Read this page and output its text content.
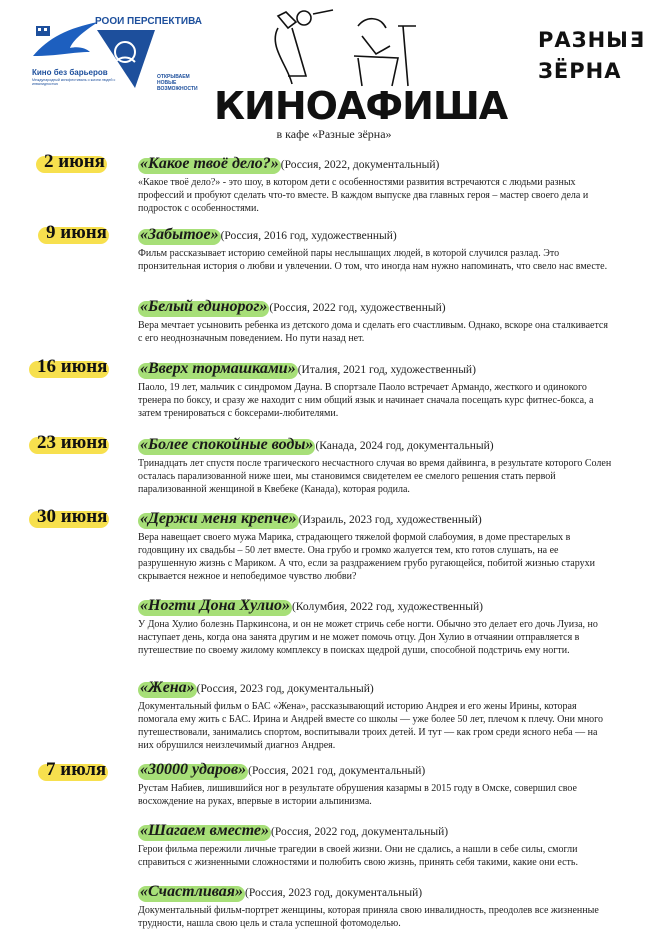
Кино без барьеров
Международный кинофестиваль о жизни людей с инвалидностью
РООИ ПЕРСПЕКТИВА
ОТКРЫВАЕМ
НОВЫЕ ВОЗМОЖНОСТИ
РАЗНЫЕ
ЗЁРНА
КИНОАФИША
в кафе «Разные зёрна»
2 июня
9 июня
16 июня
23 июня
30 июня
7 июля
«Какое твоё дело?» (Россия, 2022, документальный)
«Какое твоё дело?» - это шоу, в котором дети с особенностями развития встречаются с людьми разных профессий и пробуют сделать что-то вместе. В каждом выпуске два главных героя – мастер своего дела и подросток с особенностями.
«Забытое» (Россия, 2016 год, художественный)
Фильм рассказывает историю семейной пары неслышащих людей, в которой случился разлад. Это пронзительная история о любви и увлечении. О том, что иногда нам нужно напоминать, что свело нас вместе.
«Белый единорог» (Россия, 2022 год, художественный)
Вера мечтает усыновить ребенка из детского дома и сделать его счастливым. Однако, вскоре она сталкивается с его неоднозначным поведением. Но пути назад нет.
«Вверх тормашками» (Италия, 2021 год, художественный)
Паоло, 19 лет, мальчик с синдромом Дауна. В спортзале Паоло встречает Армандо, жесткого и одинокого тренера по боксу, и сразу же находит с ним общий язык и начинает сначала посещать курс фитнес-бокса, а затем тренироваться с боксерами-любителями.
«Более спокойные воды» (Канада, 2024 год, документальный)
Тринадцать лет спустя после трагического несчастного случая во время дайвинга, в результате которого Солен осталась парализованной ниже шеи, мы становимся свидетелем ее смелого решения стать первой парализованной женщиной в Квебеке (Канада), которая родила.
«Держи меня крепче» (Израиль, 2023 год, художественный)
Вера навещает своего мужа Марика, страдающего тяжелой формой слабоумия, в доме престарелых в годовщину их свадьбы – 50 лет вместе. Она грубо и громко жалуется тем, кто готов слушать, на ее разрушенную жизнь с Мариком. А что, если за раздражением грубо ругающейся, побитой жизнью старухи скрывается нежное и непобедимое чувство любви?
«Ногти Дона Хулио» (Колумбия, 2022 год, художественный)
У Дона Хулио болезнь Паркинсона, и он не может стричь себе ногти. Обычно это делает его дочь Луиза, но наступает день, когда она занята другим и не может помочь отцу. Дон Хулио в отчаянии отправляется в путешествие по своему жилому комплексу в поисках щедрой души, способной подстричь ему ногти.
«Жена» (Россия, 2023 год, документальный)
Документальный фильм о БАС «Жена», рассказывающий историю Андрея и его жены Ирины, которая помогала ему жить с БАС. Ирина и Андрей вместе со школы — уже более 50 лет, плечом к плечу. Они много путешествовали, занимались спортом, воспитывали троих детей. И тут — как гром среди ясного неба — на них обрушился неизлечимый диагноз Андрея.
«30000 ударов» (Россия, 2021 год, документальный)
Рустам Набиев, лишившийся ног в результате обрушения казармы в 2015 году в Омске, совершил свое восхождение на руках, впервые в истории альпинизма.
«Шагаем вместе» (Россия, 2022 год, документальный)
Герои фильма пережили личные трагедии в своей жизни. Они не сдались, а нашли в себе силы, смогли справиться с жизненными сложностями и полюбить свою жизнь, принять себя такими, какие они есть.
«Счастливая» (Россия, 2023 год, документальный)
Документальный фильм-портрет женщины, которая приняла свою инвалидность, преодолев все жизненные трудности, нашла свою цель и стала успешной фотомоделью.
